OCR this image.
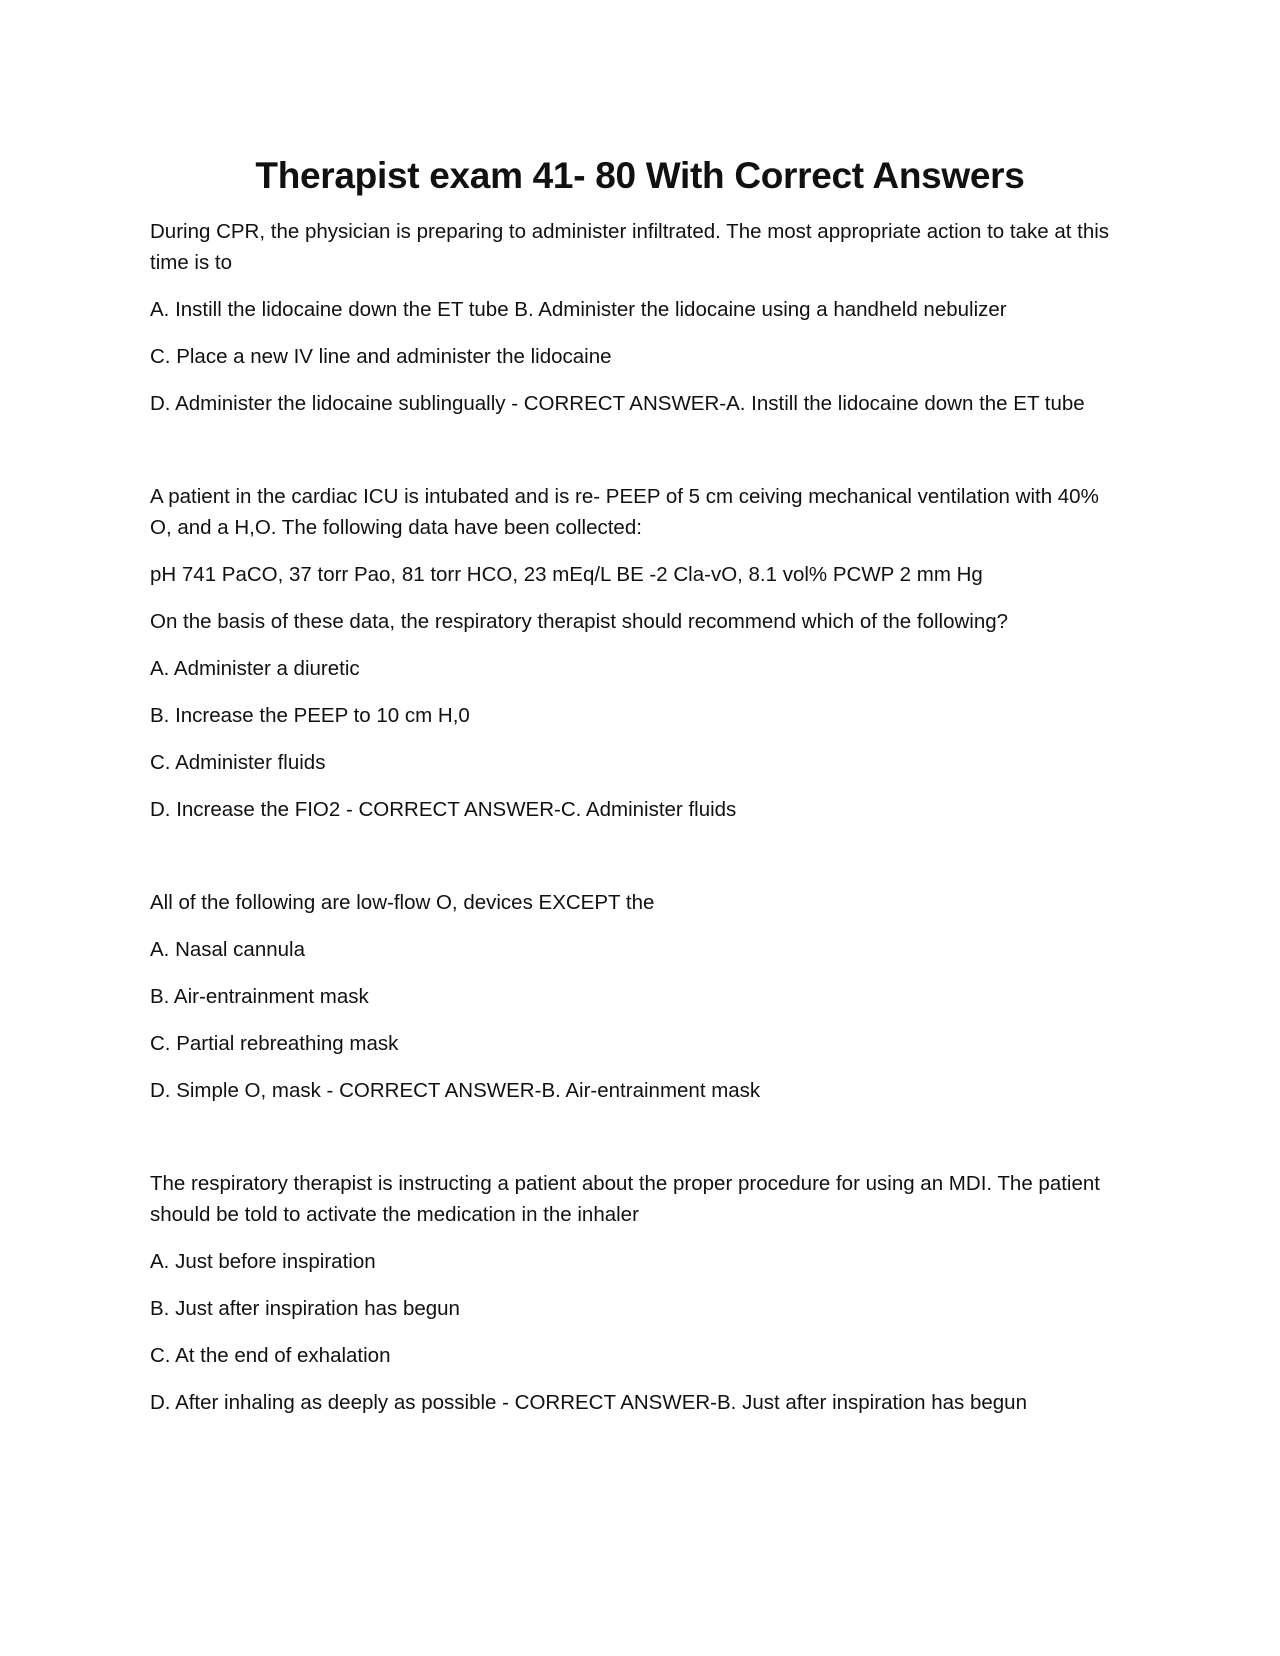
Therapist exam 41- 80 With Correct Answers

During CPR, the physician is preparing to administer infiltrated. The most appropriate action to take at this time is to

A. Instill the lidocaine down the ET tube B. Administer the lidocaine using a handheld nebulizer

C. Place a new IV line and administer the lidocaine

D. Administer the lidocaine sublingually - CORRECT ANSWER-A. Instill the lidocaine down the ET tube

A patient in the cardiac ICU is intubated and is re- PEEP of 5 cm ceiving mechanical ventilation with 40% O, and a H,O. The following data have been collected:

pH 741 PaCO, 37 torr Pao, 81 torr HCO, 23 mEq/L BE -2 Cla-vO, 8.1 vol% PCWP 2 mm Hg

On the basis of these data, the respiratory therapist should recommend which of the following?

A. Administer a diuretic

B. Increase the PEEP to 10 cm H,0

C. Administer fluids

D. Increase the FIO2 - CORRECT ANSWER-C. Administer fluids

All of the following are low-flow O, devices EXCEPT the

A. Nasal cannula

B. Air-entrainment mask

C. Partial rebreathing mask

D. Simple O, mask - CORRECT ANSWER-B. Air-entrainment mask

The respiratory therapist is instructing a patient about the proper procedure for using an MDI. The patient should be told to activate the medication in the inhaler

A. Just before inspiration

B. Just after inspiration has begun

C. At the end of exhalation

D. After inhaling as deeply as possible - CORRECT ANSWER-B. Just after inspiration has begun
